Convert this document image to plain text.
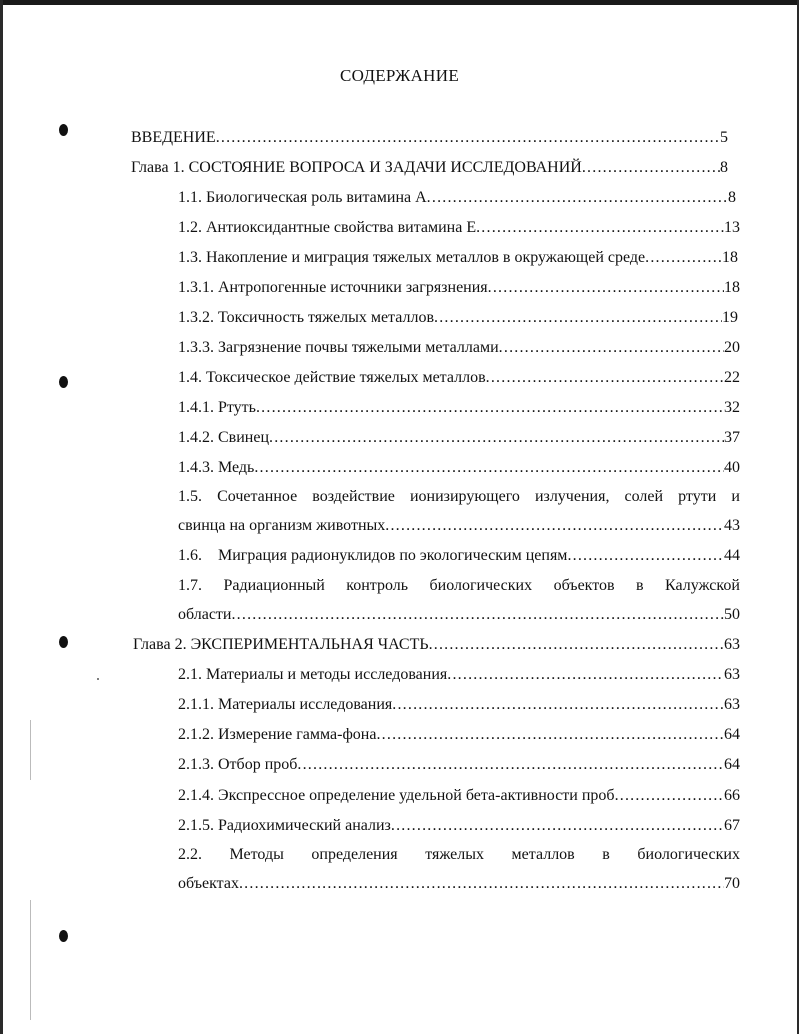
СОДЕРЖАНИЕ
ВВЕДЕНИЕ .....	5
Глава 1. СОСТОЯНИЕ ВОПРОСА И ЗАДАЧИ ИССЛЕДОВАНИЙ .....	8
1.1. Биологическая роль витамина А .....	8
1.2. Антиоксидантные свойства витамина Е .....	13
1.3. Накопление и миграция тяжелых металлов в окружающей среде .....	18
1.3.1. Антропогенные источники загрязнения .....	18
1.3.2. Токсичность тяжелых металлов .....	19
1.3.3. Загрязнение почвы тяжелыми металлами .....	20
1.4. Токсическое действие тяжелых металлов .....	22
1.4.1. Ртуть .....	32
1.4.2. Свинец .....	37
1.4.3. Медь .....	40
1.5. Сочетанное воздействие ионизирующего излучения, солей ртути и
свинца на организм животных .....	43
1.6.    Миграция радионуклидов по экологическим цепям .....	44
1.7. Радиационный контроль биологических объектов в Калужской
области .....	50
Глава 2. ЭКСПЕРИМЕНТАЛЬНАЯ ЧАСТЬ .....	63
2.1. Материалы и методы исследования .....	63
2.1.1. Материалы исследования .....	63
2.1.2. Измерение гамма-фона .....	64
2.1.3. Отбор проб .....	64
2.1.4. Экспрессное определение удельной бета-активности проб .....	66
2.1.5. Радиохимический анализ .....	67
2.2. Методы определения тяжелых металлов в биологических
объектах .....	70
